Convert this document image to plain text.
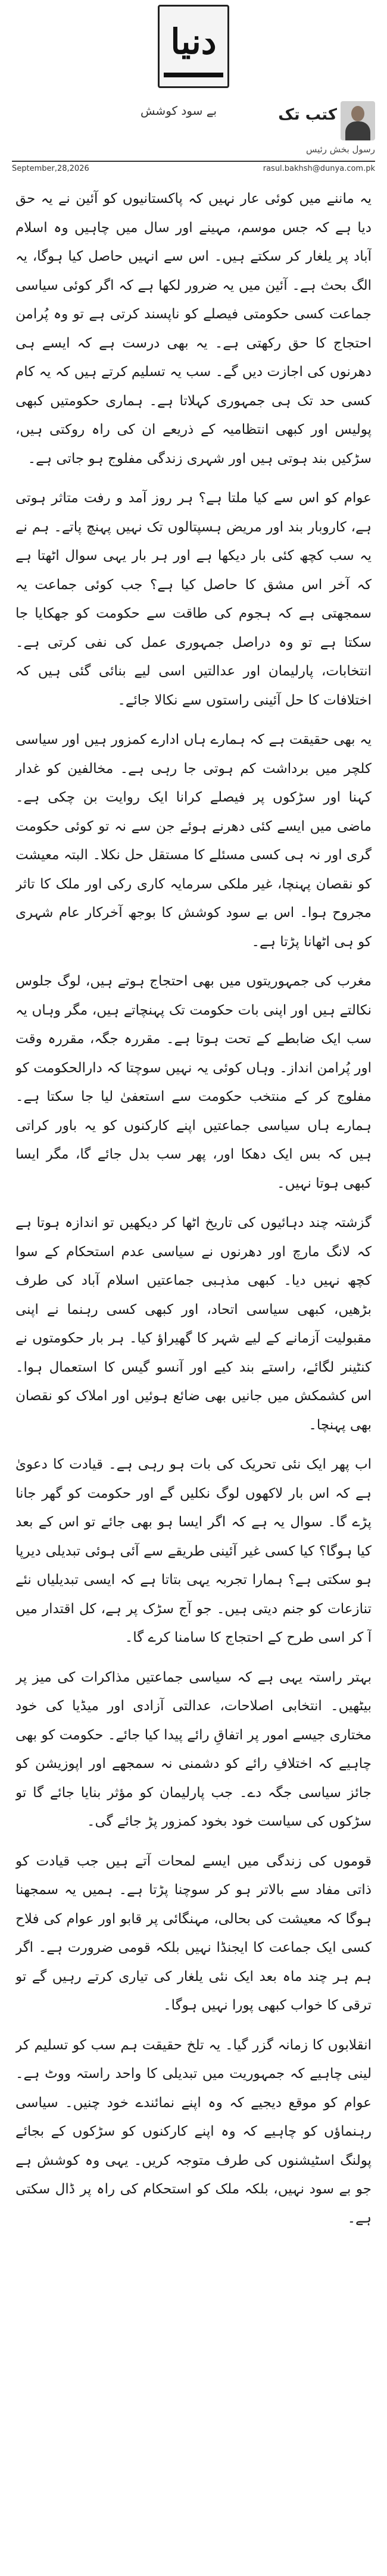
دنیا
کتب تک
بے سود کوشش
رسول بخش رئیس
September,28,2026	rasul.bakhsh@dunya.com.pk

یہ ماننے میں کوئی عار نہیں کہ پاکستانیوں کو آئین نے یہ حق دیا ہے کہ جس موسم، مہینے اور سال میں چاہیں وہ اسلام آباد پر یلغار کر سکتے ہیں۔ اس سے انہیں حاصل کیا ہوگا، یہ الگ بحث ہے۔ آئین میں یہ ضرور لکھا ہے کہ اگر کوئی سیاسی جماعت کسی حکومتی فیصلے کو ناپسند کرتی ہے تو وہ پُرامن احتجاج کا حق رکھتی ہے۔ یہ بھی درست ہے کہ ایسے ہی دھرنوں کی اجازت دیں گے۔ سب یہ تسلیم کرتے ہیں کہ یہ کام کسی حد تک ہی جمہوری کہلاتا ہے۔ ہماری حکومتیں کبھی پولیس اور کبھی انتظامیہ کے ذریعے ان کی راہ روکتی ہیں، سڑکیں بند ہوتی ہیں اور شہری زندگی مفلوج ہو جاتی ہے۔

عوام کو اس سے کیا ملتا ہے؟ ہر روز آمد و رفت متاثر ہوتی ہے، کاروبار بند اور مریض ہسپتالوں تک نہیں پہنچ پاتے۔ ہم نے یہ سب کچھ کئی بار دیکھا ہے اور ہر بار یہی سوال اٹھتا ہے کہ آخر اس مشق کا حاصل کیا ہے؟ جب کوئی جماعت یہ سمجھتی ہے کہ ہجوم کی طاقت سے حکومت کو جھکایا جا سکتا ہے تو وہ دراصل جمہوری عمل کی نفی کرتی ہے۔ انتخابات، پارلیمان اور عدالتیں اسی لیے بنائی گئی ہیں کہ اختلافات کا حل آئینی راستوں سے نکالا جائے۔

یہ بھی حقیقت ہے کہ ہمارے ہاں ادارے کمزور ہیں اور سیاسی کلچر میں برداشت کم ہوتی جا رہی ہے۔ مخالفین کو غدار کہنا اور سڑکوں پر فیصلے کرانا ایک روایت بن چکی ہے۔ ماضی میں ایسے کئی دھرنے ہوئے جن سے نہ تو کوئی حکومت گری اور نہ ہی کسی مسئلے کا مستقل حل نکلا۔ البتہ معیشت کو نقصان پہنچا، غیر ملکی سرمایہ کاری رکی اور ملک کا تاثر مجروح ہوا۔ اس بے سود کوشش کا بوجھ آخرکار عام شہری کو ہی اٹھانا پڑتا ہے۔

مغرب کی جمہوریتوں میں بھی احتجاج ہوتے ہیں، لوگ جلوس نکالتے ہیں اور اپنی بات حکومت تک پہنچاتے ہیں، مگر وہاں یہ سب ایک ضابطے کے تحت ہوتا ہے۔ مقررہ جگہ، مقررہ وقت اور پُرامن انداز۔ وہاں کوئی یہ نہیں سوچتا کہ دارالحکومت کو مفلوج کر کے منتخب حکومت سے استعفیٰ لیا جا سکتا ہے۔ ہمارے ہاں سیاسی جماعتیں اپنے کارکنوں کو یہ باور کراتی ہیں کہ بس ایک دھکا اور، پھر سب بدل جائے گا، مگر ایسا کبھی ہوتا نہیں۔

گزشتہ چند دہائیوں کی تاریخ اٹھا کر دیکھیں تو اندازہ ہوتا ہے کہ لانگ مارچ اور دھرنوں نے سیاسی عدم استحکام کے سوا کچھ نہیں دیا۔ کبھی مذہبی جماعتیں اسلام آباد کی طرف بڑھیں، کبھی سیاسی اتحاد، اور کبھی کسی رہنما نے اپنی مقبولیت آزمانے کے لیے شہر کا گھیراؤ کیا۔ ہر بار حکومتوں نے کنٹینر لگائے، راستے بند کیے اور آنسو گیس کا استعمال ہوا۔ اس کشمکش میں جانیں بھی ضائع ہوئیں اور املاک کو نقصان بھی پہنچا۔

اب پھر ایک نئی تحریک کی بات ہو رہی ہے۔ قیادت کا دعویٰ ہے کہ اس بار لاکھوں لوگ نکلیں گے اور حکومت کو گھر جانا پڑے گا۔ سوال یہ ہے کہ اگر ایسا ہو بھی جائے تو اس کے بعد کیا ہوگا؟ کیا کسی غیر آئینی طریقے سے آئی ہوئی تبدیلی دیرپا ہو سکتی ہے؟ ہمارا تجربہ یہی بتاتا ہے کہ ایسی تبدیلیاں نئے تنازعات کو جنم دیتی ہیں۔ جو آج سڑک پر ہے، کل اقتدار میں آ کر اسی طرح کے احتجاج کا سامنا کرے گا۔

بہتر راستہ یہی ہے کہ سیاسی جماعتیں مذاکرات کی میز پر بیٹھیں۔ انتخابی اصلاحات، عدالتی آزادی اور میڈیا کی خود مختاری جیسے امور پر اتفاقِ رائے پیدا کیا جائے۔ حکومت کو بھی چاہیے کہ اختلافِ رائے کو دشمنی نہ سمجھے اور اپوزیشن کو جائز سیاسی جگہ دے۔ جب پارلیمان کو مؤثر بنایا جائے گا تو سڑکوں کی سیاست خود بخود کمزور پڑ جائے گی۔

قوموں کی زندگی میں ایسے لمحات آتے ہیں جب قیادت کو ذاتی مفاد سے بالاتر ہو کر سوچنا پڑتا ہے۔ ہمیں یہ سمجھنا ہوگا کہ معیشت کی بحالی، مہنگائی پر قابو اور عوام کی فلاح کسی ایک جماعت کا ایجنڈا نہیں بلکہ قومی ضرورت ہے۔ اگر ہم ہر چند ماہ بعد ایک نئی یلغار کی تیاری کرتے رہیں گے تو ترقی کا خواب کبھی پورا نہیں ہوگا۔

انقلابوں کا زمانہ گزر گیا۔ یہ تلخ حقیقت ہم سب کو تسلیم کر لینی چاہیے کہ جمہوریت میں تبدیلی کا واحد راستہ ووٹ ہے۔ عوام کو موقع دیجیے کہ وہ اپنے نمائندے خود چنیں۔ سیاسی رہنماؤں کو چاہیے کہ وہ اپنے کارکنوں کو سڑکوں کے بجائے پولنگ اسٹیشنوں کی طرف متوجہ کریں۔ یہی وہ کوشش ہے جو بے سود نہیں، بلکہ ملک کو استحکام کی راہ پر ڈال سکتی ہے۔
